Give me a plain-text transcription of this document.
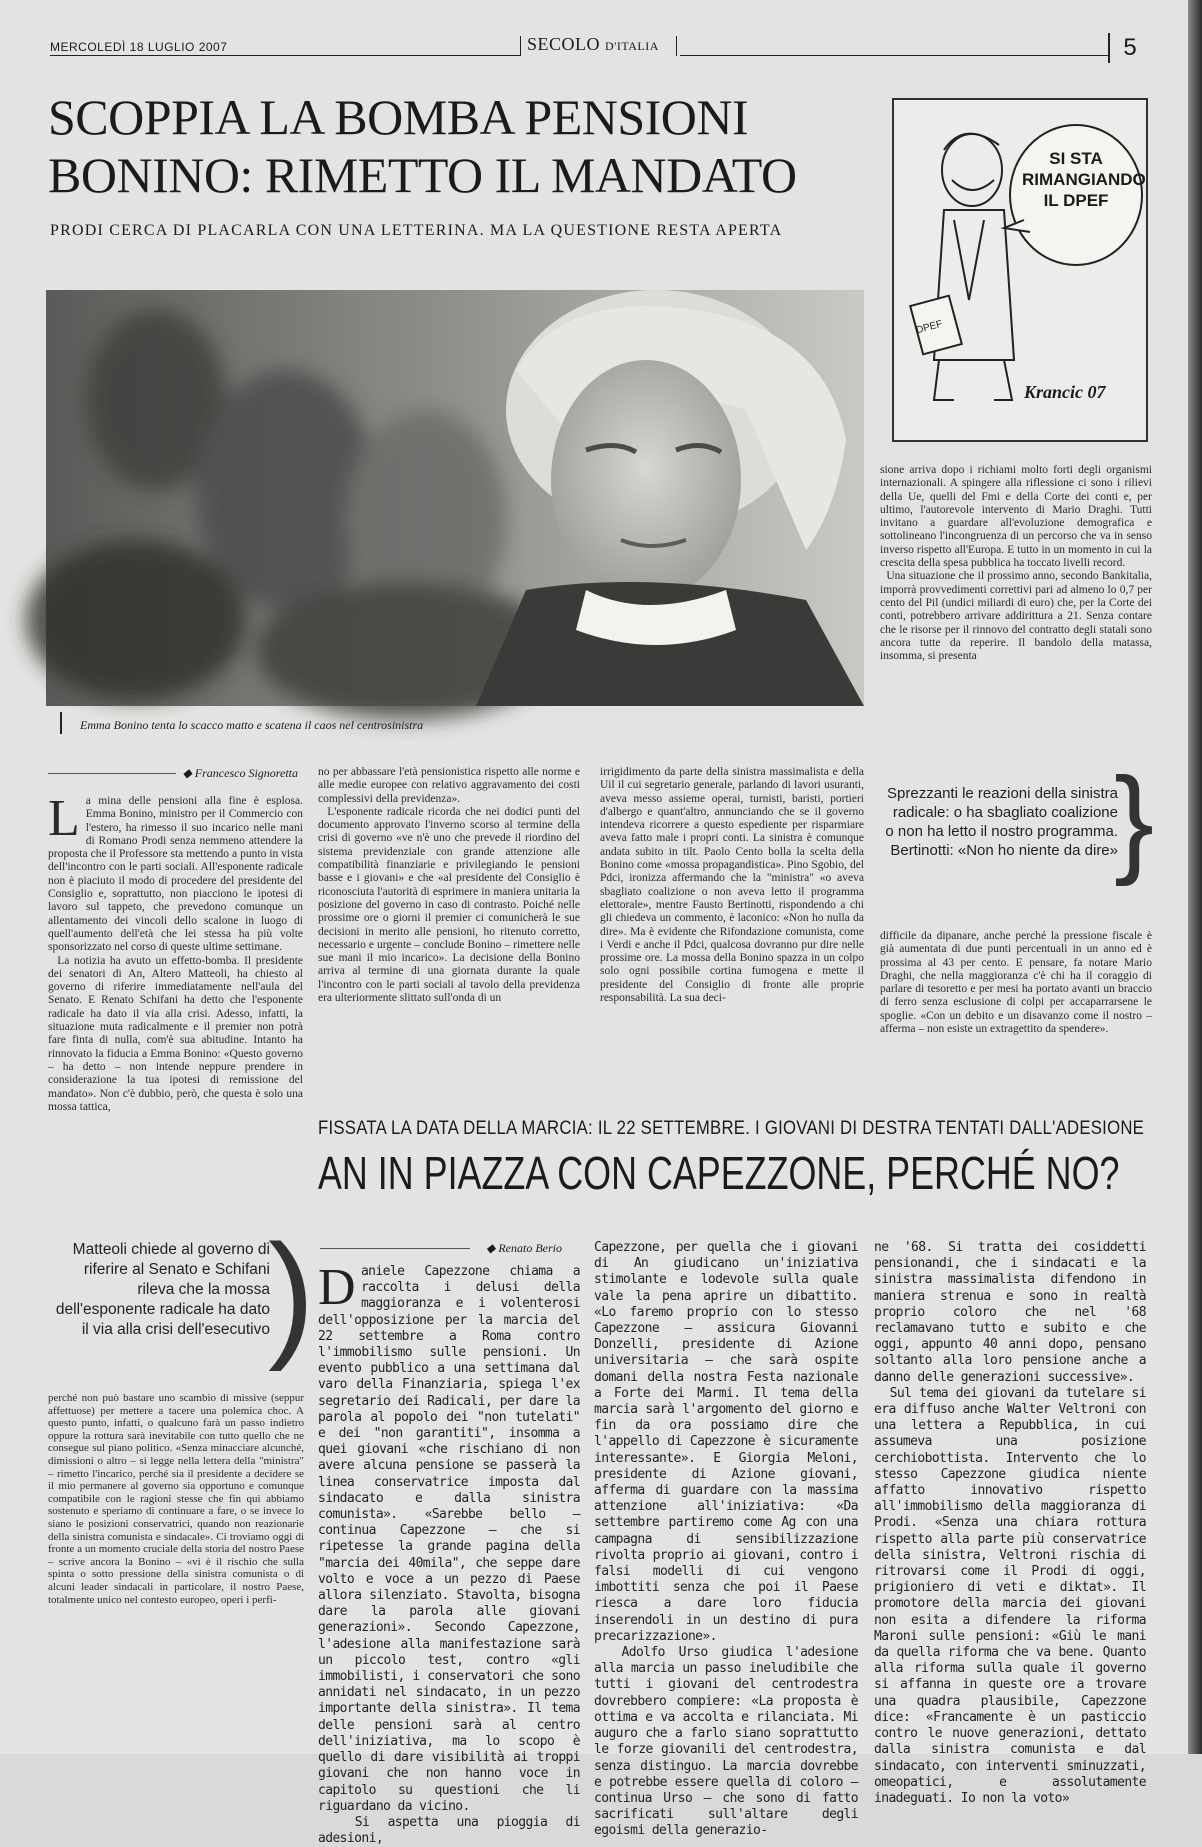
MERCOLEDÌ 18 LUGLIO 2007	SECOLO D'ITALIA	5
SCOPPIA LA BOMBA PENSIONI
BONINO: RIMETTO IL MANDATO
PRODI CERCA DI PLACARLA CON UNA LETTERINA. MA LA QUESTIONE RESTA APERTA
Emma Bonino tenta lo scacco matto e scatena il caos nel centrosinistra
SI STA RIMANGIANDO IL DPEF
DPEF
Krancic 07
sione arriva dopo i richiami molto forti degli organismi internazionali. A spingere alla riflessione ci sono i rilievi della Ue, quelli del Fmi e della Corte dei conti e, per ultimo, l'autorevole intervento di Mario Draghi. Tutti invitano a guardare all'evoluzione demografica e sottolineano l'incongruenza di un percorso che va in senso inverso rispetto all'Europa. E tutto in un momento in cui la crescita della spesa pubblica ha toccato livelli record.
Una situazione che il prossimo anno, secondo Bankitalia, imporrà provvedimenti correttivi pari ad almeno lo 0,7 per cento del Pil (undici miliardi di euro) che, per la Corte dei conti, potrebbero arrivare addirittura a 21. Senza contare che le risorse per il rinnovo del contratto degli statali sono ancora tutte da reperire. Il bandolo della matassa, insomma, si presenta
◆ Francesco Signoretta
La mina delle pensioni alla fine è esplosa. Emma Bonino, ministro per il Commercio con l'estero, ha rimesso il suo incarico nelle mani di Romano Prodi senza nemmeno attendere la proposta che il Professore sta mettendo a punto in vista dell'incontro con le parti sociali. All'esponente radicale non è piaciuto il modo di procedere del presidente del Consiglio e, soprattutto, non piacciono le ipotesi di lavoro sul tappeto, che prevedono comunque un allentamento dei vincoli dello scalone in luogo di quell'aumento dell'età che lei stessa ha più volte sponsorizzato nel corso di queste ultime settimane.
La notizia ha avuto un effetto-bomba. Il presidente dei senatori di An, Altero Matteoli, ha chiesto al governo di riferire immediatamente nell'aula del Senato. E Renato Schifani ha detto che l'esponente radicale ha dato il via alla crisi. Adesso, infatti, la situazione muta radicalmente e il premier non potrà fare finta di nulla, com'è sua abitudine. Intanto ha rinnovato la fiducia a Emma Bonino: «Questo governo – ha detto – non intende neppure prendere in considerazione la tua ipotesi di remissione del mandato». Non c'è dubbio, però, che questa è solo una mossa tattica,
no per abbassare l'età pensionistica rispetto alle norme e alle medie europee con relativo aggravamento dei costi complessivi della previdenza».
L'esponente radicale ricorda che nei dodici punti del documento approvato l'inverno scorso al termine della crisi di governo «ve n'è uno che prevede il riordino del sistema previdenziale con grande attenzione alle compatibilità finanziarie e privilegiando le pensioni basse e i giovani» e che «al presidente del Consiglio è riconosciuta l'autorità di esprimere in maniera unitaria la posizione del governo in caso di contrasto. Poiché nelle prossime ore o giorni il premier ci comunicherà le sue decisioni in merito alle pensioni, ho ritenuto corretto, necessario e urgente – conclude Bonino – rimettere nelle sue mani il mio incarico». La decisione della Bonino arriva al termine di una giornata durante la quale l'incontro con le parti sociali al tavolo della previdenza era ulteriormente slittato sull'onda di un
irrigidimento da parte della sinistra massimalista e della Uil il cui segretario generale, parlando di lavori usuranti, aveva messo assieme operai, turnisti, baristi, portieri d'albergo e quant'altro, annunciando che se il governo intendeva ricorrere a questo espediente per risparmiare aveva fatto male i propri conti. La sinistra è comunque andata subito in tilt. Paolo Cento bolla la scelta della Bonino come «mossa propagandistica». Pino Sgobio, del Pdci, ironizza affermando che la "ministra" «o aveva sbagliato coalizione o non aveva letto il programma elettorale», mentre Fausto Bertinotti, rispondendo a chi gli chiedeva un commento, è laconico: «Non ho nulla da dire». Ma è evidente che Rifondazione comunista, come i Verdi e anche il Pdci, qualcosa dovranno pur dire nelle prossime ore. La mossa della Bonino spazza in un colpo solo ogni possibile cortina fumogena e mette il presidente del Consiglio di fronte alle proprie responsabilità. La sua deci-
Sprezzanti le reazioni della sinistra radicale: o ha sbagliato coalizione o non ha letto il nostro programma. Bertinotti: «Non ho niente da dire»
}
difficile da dipanare, anche perché la pressione fiscale è già aumentata di due punti percentuali in un anno ed è prossima al 43 per cento. E pensare, fa notare Mario Draghi, che nella maggioranza c'è chi ha il coraggio di parlare di tesoretto e per mesi ha portato avanti un braccio di ferro senza esclusione di colpi per accaparrarsene le spoglie. «Con un debito e un disavanzo come il nostro – afferma – non esiste un extragettito da spendere».
FISSATA LA DATA DELLA MARCIA: IL 22 SETTEMBRE. I GIOVANI DI DESTRA TENTATI DALL'ADESIONE
AN IN PIAZZA CON CAPEZZONE, PERCHÉ NO?
Matteoli chiede al governo di riferire al Senato e Schifani rileva che la mossa dell'esponente radicale ha dato il via alla crisi dell'esecutivo
)
perché non può bastare uno scambio di missive (seppur affettuose) per mettere a tacere una polemica choc. A questo punto, infatti, o qualcuno farà un passo indietro oppure la rottura sarà inevitabile con tutto quello che ne consegue sul piano politico. «Senza minacciare alcunché, dimissioni o altro – si legge nella lettera della "ministra" – rimetto l'incarico, perché sia il presidente a decidere se il mio permanere al governo sia opportuno e comunque compatibile con le ragioni stesse che fin qui abbiamo sostenuto e speriamo di continuare a fare, o se invece lo siano le posizioni conservatrici, quando non reazionarie della sinistra comunista e sindacale». Ci troviamo oggi di fronte a un momento cruciale della storia del nostro Paese – scrive ancora la Bonino – «vi è il rischio che sulla spinta o sotto pressione della sinistra comunista o di alcuni leader sindacali in particolare, il nostro Paese, totalmente unico nel contesto europeo, operi i perfi-
◆ Renato Berio
Daniele Capezzone chiama a raccolta i delusi della maggioranza e i volenterosi dell'opposizione per la marcia del 22 settembre a Roma contro l'immobilismo sulle pensioni. Un evento pubblico a una settimana dal varo della Finanziaria, spiega l'ex segretario dei Radicali, per dare la parola al popolo dei "non tutelati" e dei "non garantiti", insomma a quei giovani «che rischiano di non avere alcuna pensione se passerà la linea conservatrice imposta dal sindacato e dalla sinistra comunista». «Sarebbe bello – continua Capezzone – che si ripetesse la grande pagina della "marcia dei 40mila", che seppe dare volto e voce a un pezzo di Paese allora silenziato. Stavolta, bisogna dare la parola alle giovani generazioni». Secondo Capezzone, l'adesione alla manifestazione sarà un piccolo test, contro «gli immobilisti, i conservatori che sono annidati nel sindacato, in un pezzo importante della sinistra». Il tema delle pensioni sarà al centro dell'iniziativa, ma lo scopo è quello di dare visibilità ai troppi giovani che non hanno voce in capitolo su questioni che li riguardano da vicino.
Si aspetta una pioggia di adesioni,
Capezzone, per quella che i giovani di An giudicano un'iniziativa stimolante e lodevole sulla quale vale la pena aprire un dibattito. «Lo faremo proprio con lo stesso Capezzone – assicura Giovanni Donzelli, presidente di Azione universitaria – che sarà ospite domani della nostra Festa nazionale a Forte dei Marmi. Il tema della marcia sarà l'argomento del giorno e fin da ora possiamo dire che l'appello di Capezzone è sicuramente interessante». E Giorgia Meloni, presidente di Azione giovani, afferma di guardare con la massima attenzione all'iniziativa: «Da settembre partiremo come Ag con una campagna di sensibilizzazione rivolta proprio ai giovani, contro i falsi modelli di cui vengono imbottiti senza che poi il Paese riesca a dare loro fiducia inserendoli in un destino di pura precarizzazione».
Adolfo Urso giudica l'adesione alla marcia un passo ineludibile che tutti i giovani del centrodestra dovrebbero compiere: «La proposta è ottima e va accolta e rilanciata. Mi auguro che a farlo siano soprattutto le forze giovanili del centrodestra, senza distinguo. La marcia dovrebbe e potrebbe essere quella di coloro – continua Urso – che sono di fatto sacrificati sull'altare degli egoismi della generazio-
ne '68. Si tratta dei cosiddetti pensionandi, che i sindacati e la sinistra massimalista difendono in maniera strenua e sono in realtà proprio coloro che nel '68 reclamavano tutto e subito e che oggi, appunto 40 anni dopo, pensano soltanto alla loro pensione anche a danno delle generazioni successive».
Sul tema dei giovani da tutelare si era diffuso anche Walter Veltroni con una lettera a Repubblica, in cui assumeva una posizione cerchiobottista. Intervento che lo stesso Capezzone giudica niente affatto innovativo rispetto all'immobilismo della maggioranza di Prodi. «Senza una chiara rottura rispetto alla parte più conservatrice della sinistra, Veltroni rischia di ritrovarsi come il Prodi di oggi, prigioniero di veti e diktat». Il promotore della marcia dei giovani non esita a difendere la riforma Maroni sulle pensioni: «Giù le mani da quella riforma che va bene. Quanto alla riforma sulla quale il governo si affanna in queste ore a trovare una quadra plausibile, Capezzone dice: «Francamente è un pasticcio contro le nuove generazioni, dettato dalla sinistra comunista e dal sindacato, con interventi sminuzzati, omeopatici, e assolutamente inadeguati. Io non la voto»
